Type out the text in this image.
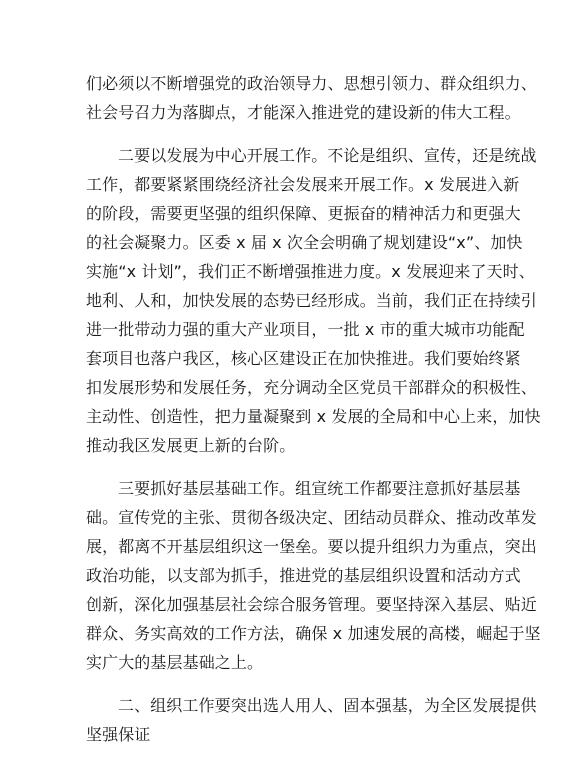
们必须以不断增强党的政治领导力、思想引领力、群众组织力、
社会号召力为落脚点，才能深入推进党的建设新的伟大工程。
二要以发展为中心开展工作。不论是组织、宣传，还是统战
工作，都要紧紧围绕经济社会发展来开展工作。x 发展进入新
的阶段，需要更坚强的组织保障、更振奋的精神活力和更强大
的社会凝聚力。区委 x 届 x 次全会明确了规划建设“x”、加快
实施“x 计划”，我们正不断增强推进力度。x 发展迎来了天时、
地利、人和，加快发展的态势已经形成。当前，我们正在持续引
进一批带动力强的重大产业项目，一批 x 市的重大城市功能配
套项目也落户我区，核心区建设正在加快推进。我们要始终紧
扣发展形势和发展任务，充分调动全区党员干部群众的积极性、
主动性、创造性，把力量凝聚到 x 发展的全局和中心上来，加快
推动我区发展更上新的台阶。
三要抓好基层基础工作。组宣统工作都要注意抓好基层基
础。宣传党的主张、贯彻各级决定、团结动员群众、推动改革发
展，都离不开基层组织这一堡垒。要以提升组织力为重点，突出
政治功能，以支部为抓手，推进党的基层组织设置和活动方式
创新，深化加强基层社会综合服务管理。要坚持深入基层、贴近
群众、务实高效的工作方法，确保 x 加速发展的高楼，崛起于坚
实广大的基层基础之上。
二、组织工作要突出选人用人、固本强基，为全区发展提供
坚强保证
